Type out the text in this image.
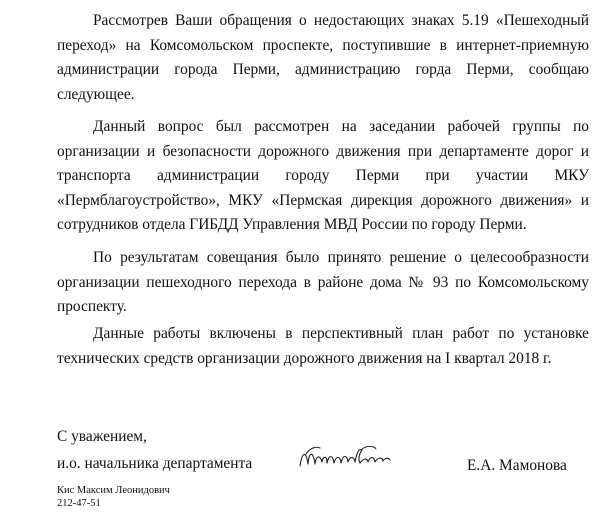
Рассмотрев Ваши обращения о недостающих знаках 5.19 «Пешеходный переход» на Комсомольском проспекте, поступившие в интернет-приемную администрации города Перми, администрацию горда Перми, сообщаю следующее.

Данный вопрос был рассмотрен на заседании рабочей группы по организации и безопасности дорожного движения при департаменте дорог и транспорта администрации городу Перми при участии МКУ «Пермблагоустройство», МКУ «Пермская дирекция дорожного движения» и сотрудников отдела ГИБДД Управления МВД России по городу Перми.

По результатам совещания было принято решение о целесообразности организации пешеходного перехода в районе дома № 93 по Комсомольскому проспекту.

Данные работы включены в перспективный план работ по установке технических средств организации дорожного движения на I квартал 2018 г.

С уважением,

и.о. начальника департамента	Е.А. Мамонова

Кис Максим Леонидович

212-47-51
